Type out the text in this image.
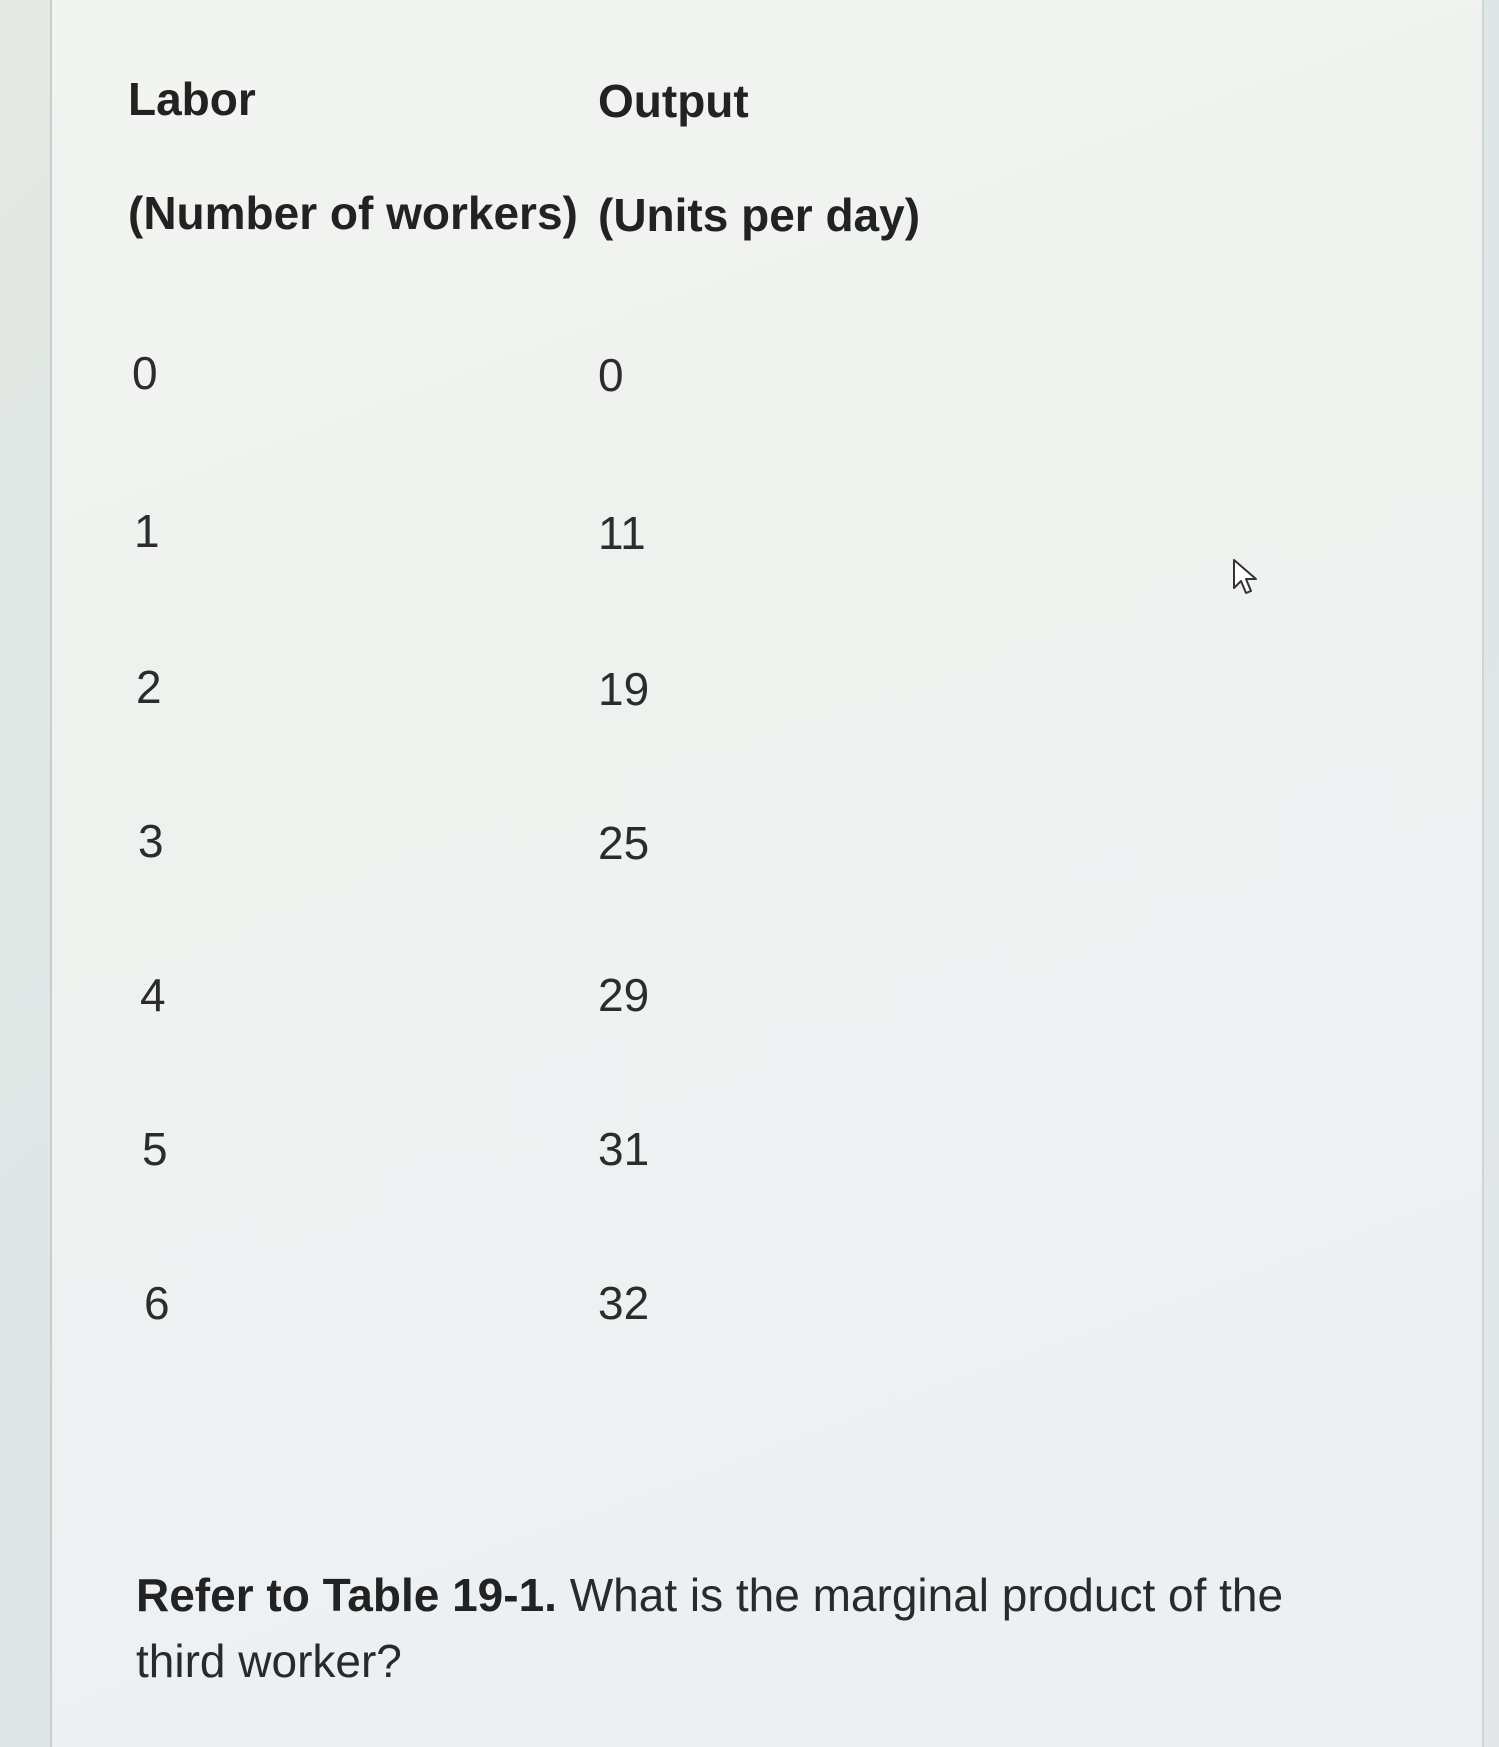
Labor	Output
(Number of workers) (Units per day)
0	0
1	11
2	19
3	25
4	29
5	31
6	32
Refer to Table 19-1. What is the marginal product of the third worker?
